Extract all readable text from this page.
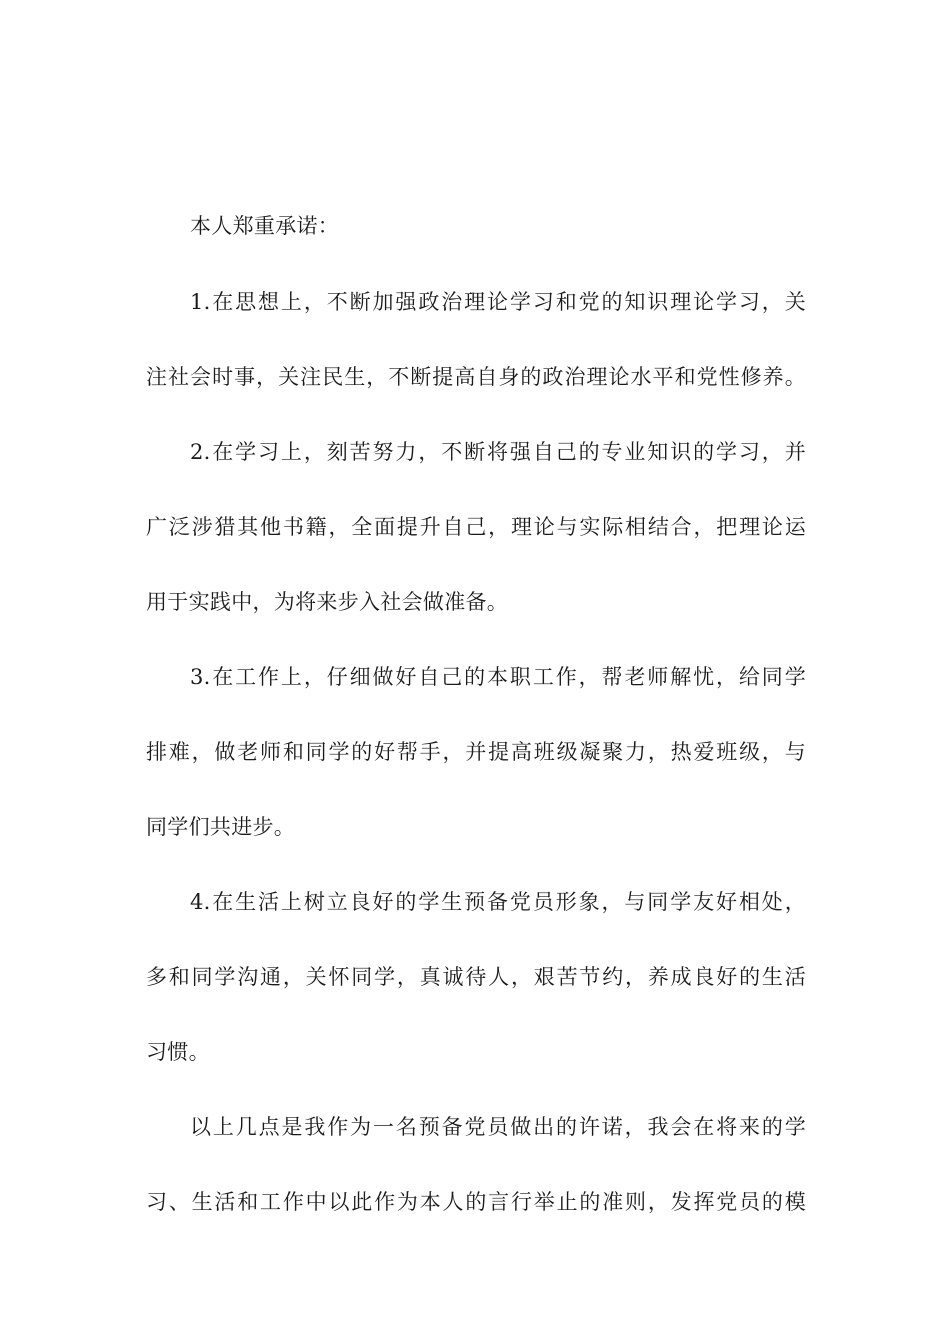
本人郑重承诺：

1.在思想上，不断加强政治理论学习和党的知识理论学习，关

注社会时事，关注民生，不断提高自身的政治理论水平和党性修养。

2.在学习上，刻苦努力，不断将强自己的专业知识的学习，并

广泛涉猎其他书籍，全面提升自己，理论与实际相结合，把理论运

用于实践中，为将来步入社会做准备。

3.在工作上，仔细做好自己的本职工作，帮老师解忧，给同学

排难，做老师和同学的好帮手，并提高班级凝聚力，热爱班级，与

同学们共进步。

4.在生活上树立良好的学生预备党员形象，与同学友好相处，

多和同学沟通，关怀同学，真诚待人，艰苦节约，养成良好的生活

习惯。

以上几点是我作为一名预备党员做出的许诺，我会在将来的学

习、生活和工作中以此作为本人的言行举止的准则，发挥党员的模
